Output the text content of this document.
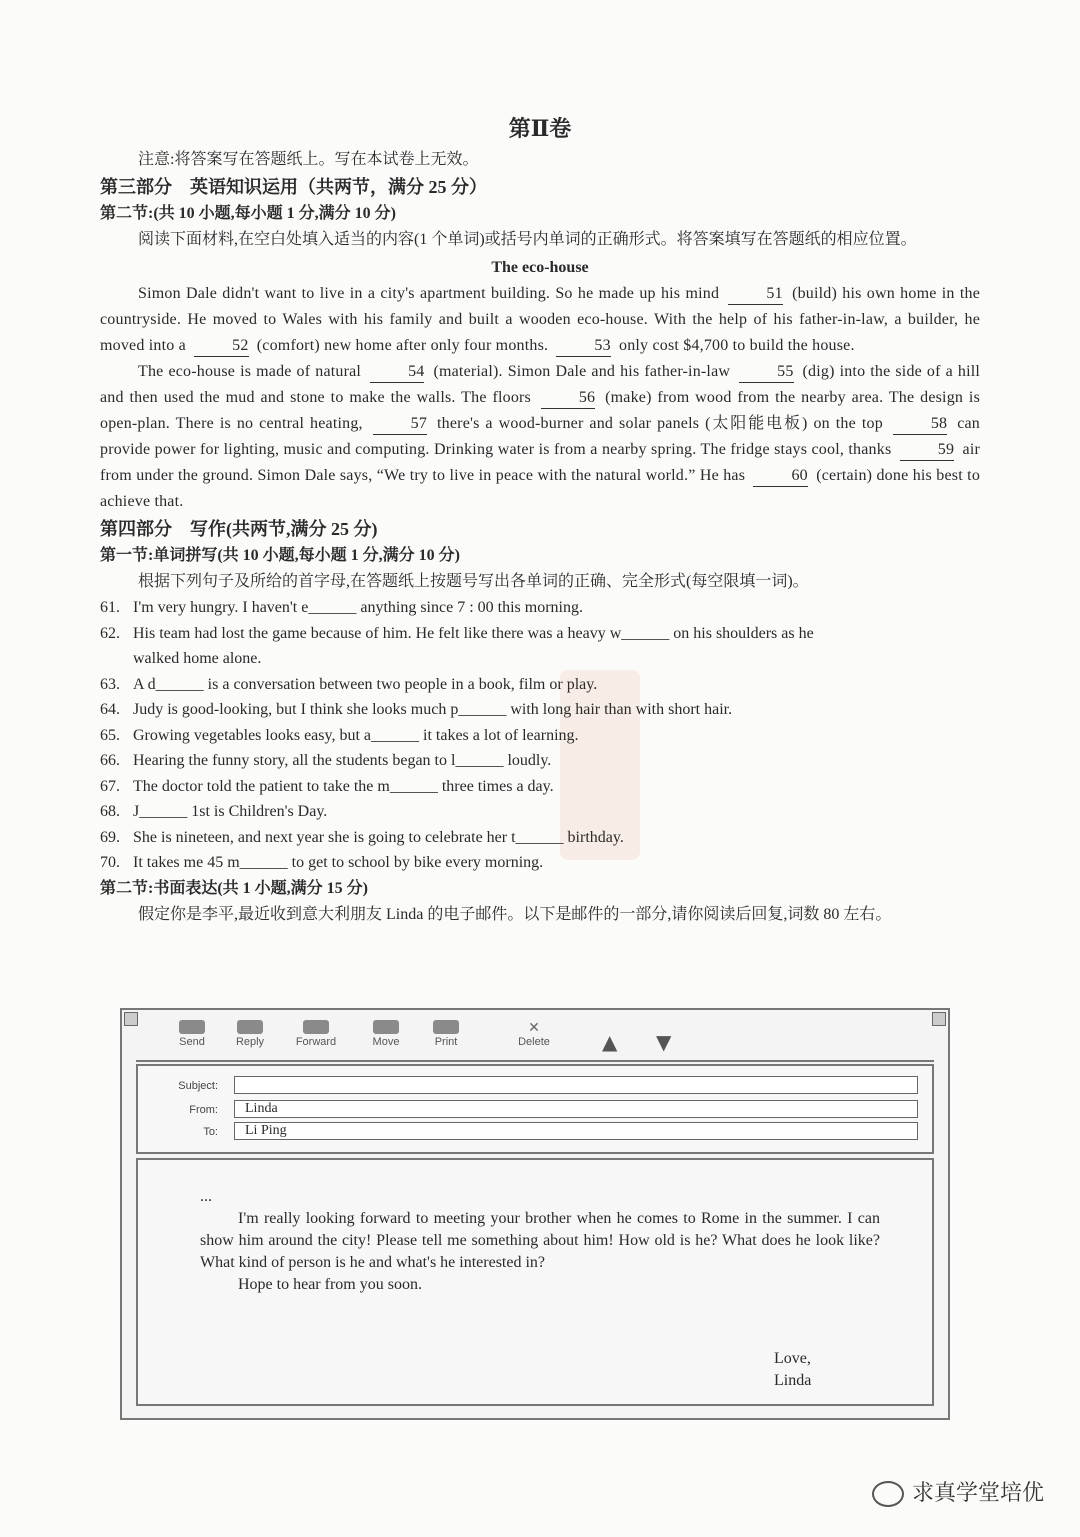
第Ⅱ卷
注意:将答案写在答题纸上。写在本试卷上无效。
第三部分　英语知识运用（共两节，满分 25 分）
第二节:(共 10 小题,每小题 1 分,满分 10 分)
阅读下面材料,在空白处填入适当的内容(1 个单词)或括号内单词的正确形式。将答案填写在答题纸的相应位置。
The eco-house
Simon Dale didn't want to live in a city's apartment building. So he made up his mind	51 (build) his own home in the countryside. He moved to Wales with his family and built a wooden eco-house. With the help of his father-in-law, a builder, he moved into a	52 (comfort) new home after only four months.	53 only cost $4,700 to build the house.
The eco-house is made of natural	54 (material). Simon Dale and his father-in-law	55 (dig) into the side of a hill and then used the mud and stone to make the walls. The floors	56 (make) from wood from the nearby area. The design is open-plan. There is no central heating,	57 there's a wood-burner and solar panels (太阳能电板) on the top	58 can provide power for lighting, music and computing. Drinking water is from a nearby spring. The fridge stays cool, thanks	59 air from under the ground. Simon Dale says, “We try to live in peace with the natural world.” He has	60 (certain) done his best to achieve that.
第四部分　写作(共两节,满分 25 分)
第一节:单词拼写(共 10 小题,每小题 1 分,满分 10 分)
根据下列句子及所给的首字母,在答题纸上按题号写出各单词的正确、完全形式(每空限填一词)。
61. I'm very hungry. I haven't e______ anything since 7 : 00 this morning.
62. His team had lost the game because of him. He felt like there was a heavy w______ on his shoulders as he
walked home alone.
63. A d______ is a conversation between two people in a book, film or play.
64. Judy is good-looking, but I think she looks much p______ with long hair than with short hair.
65. Growing vegetables looks easy, but a______ it takes a lot of learning.
66. Hearing the funny story, all the students began to l______ loudly.
67. The doctor told the patient to take the m______ three times a day.
68. J______ 1st is Children's Day.
69. She is nineteen, and next year she is going to celebrate her t______ birthday.
70. It takes me 45 m______ to get to school by bike every morning.
第二节:书面表达(共 1 小题,满分 15 分)
假定你是李平,最近收到意大利朋友 Linda 的电子邮件。以下是邮件的一部分,请你阅读后回复,词数 80 左右。
Send	Reply	Forward	Move	Print
✕
Delete	▲ ▼
Subject:
From:	Linda
To:	Li Ping
...
I'm really looking forward to meeting your brother when he comes to Rome in the summer. I can show him around the city! Please tell me something about him! How old is he? What does he look like? What kind of person is he and what's he interested in?
Hope to hear from you soon.
Love,
Linda
求真学堂培优
